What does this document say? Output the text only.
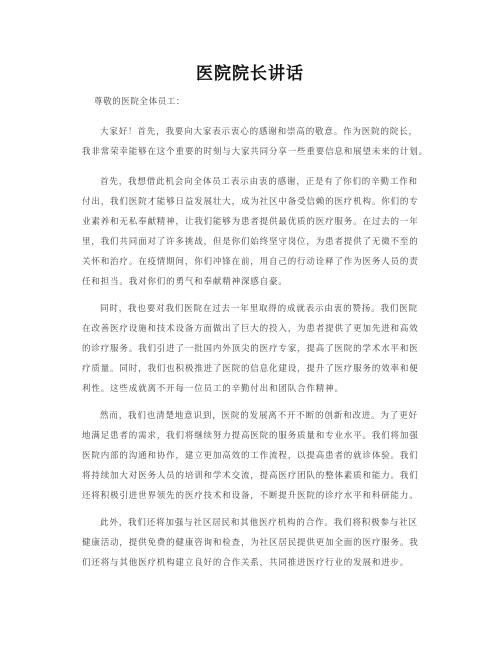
医院院长讲话
尊敬的医院全体员工：
大家好！首先，我要向大家表示衷心的感谢和崇高的敬意。作为医院的院长，
我非常荣幸能够在这个重要的时刻与大家共同分享一些重要信息和展望未来的计划。
首先，我想借此机会向全体员工表示由衷的感谢，正是有了你们的辛勤工作和
付出，我们医院才能够日益发展壮大，成为社区中备受信赖的医疗机构。你们的专
业素养和无私奉献精神，让我们能够为患者提供最优质的医疗服务。在过去的一年
里，我们共同面对了许多挑战，但是你们始终坚守岗位，为患者提供了无微不至的
关怀和治疗。在疫情期间，你们冲锋在前，用自己的行动诠释了作为医务人员的责
任和担当。我对你们的勇气和奉献精神深感自豪。
同时，我也要对我们医院在过去一年里取得的成就表示由衷的赞扬。我们医院
在改善医疗设施和技术设备方面做出了巨大的投入，为患者提供了更加先进和高效
的诊疗服务。我们引进了一批国内外顶尖的医疗专家，提高了医院的学术水平和医
疗质量。同时，我们也积极推进了医院的信息化建设，提升了医疗服务的效率和便
利性。这些成就离不开每一位员工的辛勤付出和团队合作精神。
然而，我们也清楚地意识到，医院的发展离不开不断的创新和改进。为了更好
地满足患者的需求，我们将继续努力提高医院的服务质量和专业水平。我们将加强
医院内部的沟通和协作，建立更加高效的工作流程，以提高患者的就诊体验。我们
将持续加大对医务人员的培训和学术交流，提高医疗团队的整体素质和能力。我们
还将积极引进世界领先的医疗技术和设备，不断提升医院的诊疗水平和科研能力。
此外，我们还将加强与社区居民和其他医疗机构的合作。我们将积极参与社区
健康活动，提供免费的健康咨询和检查，为社区居民提供更加全面的医疗服务。我
们还将与其他医疗机构建立良好的合作关系，共同推进医疗行业的发展和进步。
